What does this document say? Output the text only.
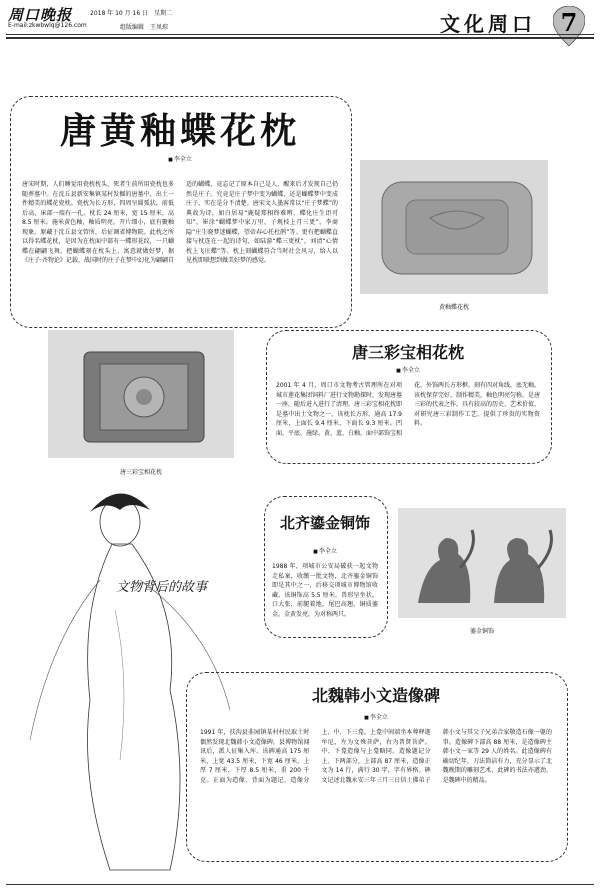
周口晚报	2018 年 10 月 16 日　星期二
E-mail:zkwbwlq@126.com	组版编辑　王凤琼	文化周口	7
唐黄釉蝶花枕
■ 李全立
唐宋时期，人们睡觉用瓷枕枕头，死者生前所用瓷枕也多随葬墓中。在沈丘县新安集镇某村发掘的唐墓中，出土一件精美的蝶花瓷枕。瓷枕为长方形，四周呈圆弧状，前低后高，床部一端有一孔。枕长 24 厘米，宽 15 厘米，高 8.5 厘米。施米黄色釉，釉质明亮，开片细小，底有聚釉现象。原藏于沈丘县文管所，后征调省博物院。此枕之所以得名蝶花枕，是因为在枕面中部有一蝶形花纹，一只蝴蝶在翩翩飞舞。把蝴蝶刻在枕头上，寓意就做好梦，据《庄子·齐物论》记载，战国时的庄子在梦中幻化为翩翩自适的蝴蝶，竟忘记了原本自己是人，醒来后才发现自己仍然是庄子。究竟是庄子梦中变为蝴蝶，还是蝴蝶梦中变成庄子，实在是分不清楚。唐宋文人墨客常以“庄子梦蝶”的典故为诗，如白居易“鹿疑郑相终难辨，蝶化庄生讵可知”，崔涂“蝴蝶梦中家万里，子规枝上月三更”，李商隐“庄生晓梦迷蝴蝶，望帝春心托杜鹃”等。更有把蝴蝶直接与枕连在一起的诗句，如陆游“蝶三更枕”，刘清“心情枕上飞庄蝶”等。枕上刻蝴蝶符合当时社会风习，给人以见枕即联想到做美好梦的感觉。
黄釉蝶花枕
唐三彩宝相花枕
唐三彩宝相花枕
■ 李全立
2001 年 4 月，周口市文物考古管理所在对项城市莲花集团饲料厂进行文物勘探时，发现唐墓一座，随后进入进行了清理，唐三彩宝相花枕即是墓中出土文物之一。该枕长方形，通高 17.9 厘米，上面长 9.4 厘米，下面长 9.3 厘米。凹面，平底，施绿、黄、蓝、白釉，面中部饰宝相花，外饰两长方形框，刻有四对角线，底无釉。该枕保存完好，制作精美，釉色明亮匀称，是唐三彩的代表之作，具有较高的历史、艺术价值，对研究唐三彩制作工艺，提供了珍贵的实物资料。
北齐鎏金铜饰
■ 李全立
1988 年，项城市公安局破获一起文物走私案，收缴一批文物，北齐鎏金铜饰即是其中之一，后移交项城市博物馆收藏。该铜饰高 5.5 厘米，兽形呈坐状，口大张，前腿着地，尾巴高翘，铜质鎏金，金黄发亮，为对称两只。
鎏金铜饰
文物背后的故事
北魏韩小文造像碑
■ 李全立
1991 年，扶沟县韭园镇某村村民取土时偶然发现北魏韩小文造像碑，县博物馆闻讯后，派人征集入库。该碑通高 175 厘米，上宽 43.5 厘米，下宽 46 厘米，上厚 7 厘米，下厚 8.5 厘米，重 200 千克。正面为造像，背面为题记，造像分上、中、下三龛。上龛中间端坐本尊释迦牟尼，左为文殊菩萨，右为普贤菩萨。中、下龛造像与上龛略同。造像题记分上、下两部分，上部高 87 厘米，造像正文为 14 行，满行 30 字，字有界格。碑文记述北魏永安三年三月三日信士佛弟子韩小文与其父子兄弟合家敬造石像一躯的事。造像碑下部高 88 厘米，是造像碑主韩小文一家等 29 人的姓名。此造像碑有确切纪年，刀法简洁有力，充分显示了北魏晚期的雕刻艺术，此碑的书法亦遒劲，是魏碑中的精品。
